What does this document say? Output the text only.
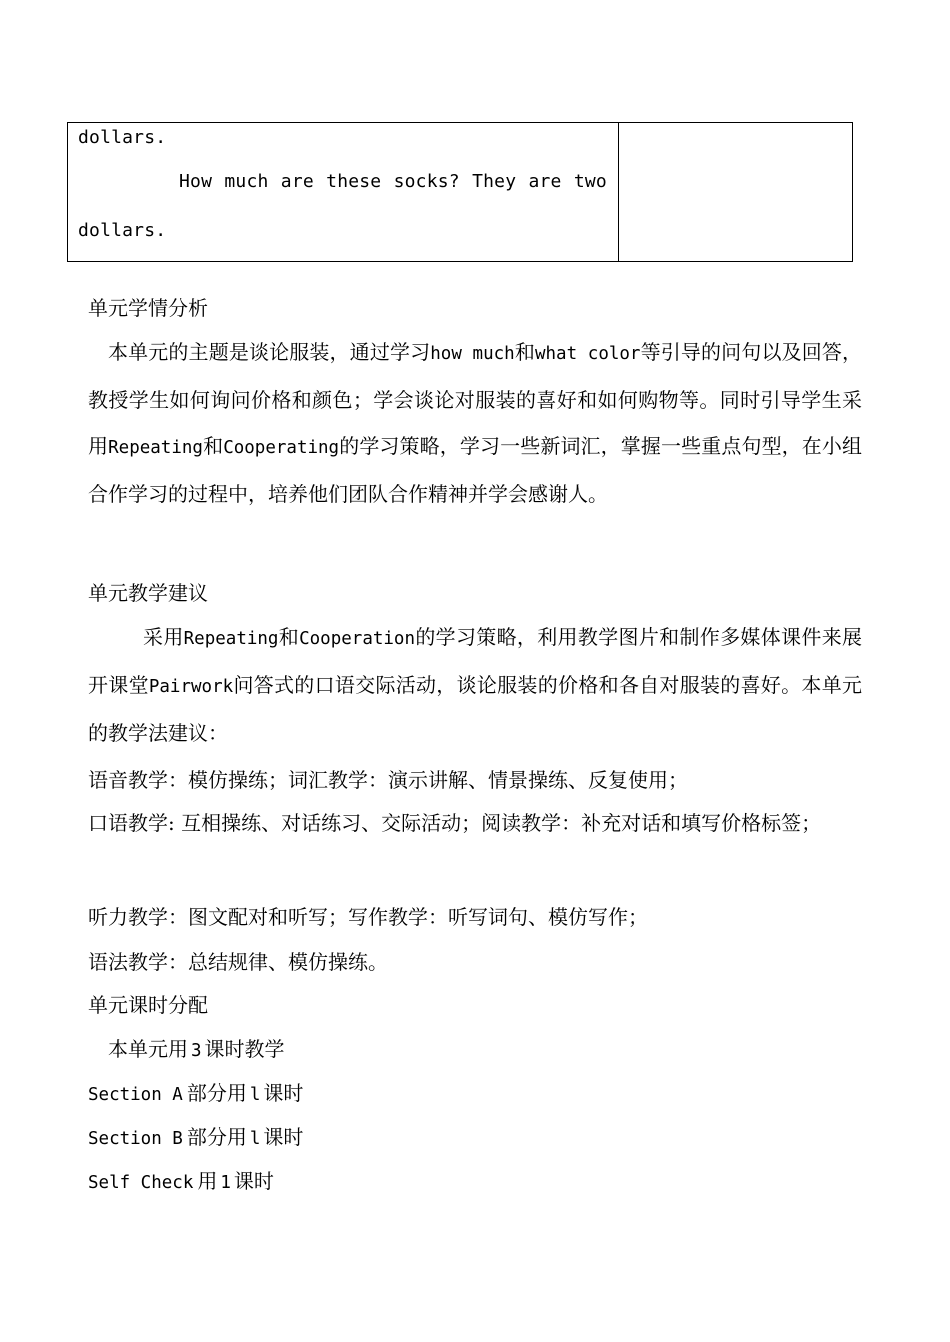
dollars.
How much are these socks? They are two
dollars.
单元学情分析
本单元的主题是谈论服装，通过学习how much和what color等引导的问句以及回答，教授学生如何询问价格和颜色；学会谈论对服装的喜好和如何购物等。同时引导学生采用Repeating和Cooperating的学习策略，学习一些新词汇，掌握一些重点句型，在小组合作学习的过程中，培养他们团队合作精神并学会感谢人。
单元教学建议
采用Repeating和Cooperation的学习策略，利用教学图片和制作多媒体课件来展开课堂Pairwork问答式的口语交际活动，谈论服装的价格和各自对服装的喜好。本单元的教学法建议：
语音教学：模仿操练；词汇教学：演示讲解、情景操练、反复使用；
口语教学: 互相操练、对话练习、交际活动；阅读教学：补充对话和填写价格标签；
听力教学：图文配对和听写；写作教学：听写词句、模仿写作；
语法教学：总结规律、模仿操练。
单元课时分配
本单元用 3 课时教学
Section A 部分用 l 课时
Section B 部分用 l 课时
Self Check 用 1 课时
